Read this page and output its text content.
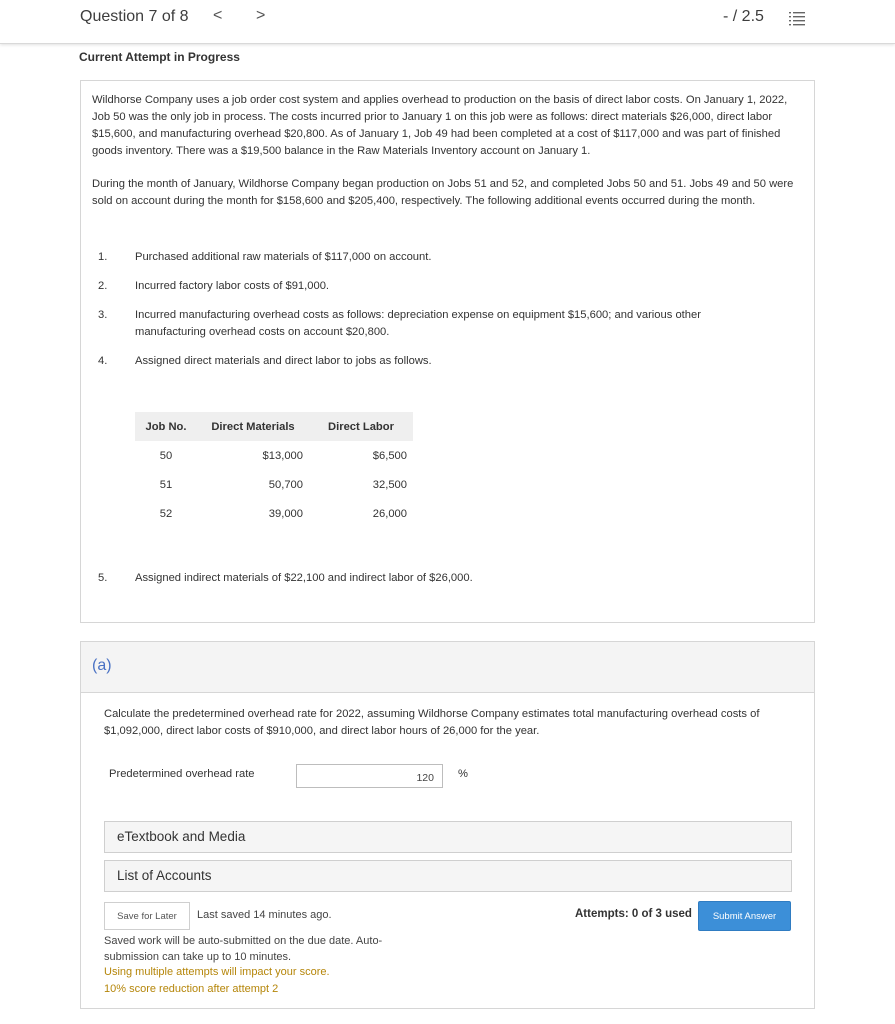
Question 7 of 8 < >	- / 2.5
Current Attempt in Progress
Wildhorse Company uses a job order cost system and applies overhead to production on the basis of direct labor costs. On January 1, 2022, Job 50 was the only job in process. The costs incurred prior to January 1 on this job were as follows: direct materials $26,000, direct labor $15,600, and manufacturing overhead $20,800. As of January 1, Job 49 had been completed at a cost of $117,000 and was part of finished goods inventory. There was a $19,500 balance in the Raw Materials Inventory account on January 1.
During the month of January, Wildhorse Company began production on Jobs 51 and 52, and completed Jobs 50 and 51. Jobs 49 and 50 were sold on account during the month for $158,600 and $205,400, respectively. The following additional events occurred during the month.
1. Purchased additional raw materials of $117,000 on account.
2. Incurred factory labor costs of $91,000.
3. Incurred manufacturing overhead costs as follows: depreciation expense on equipment $15,600; and various other manufacturing overhead costs on account $20,800.
4. Assigned direct materials and direct labor to jobs as follows.
Job No.	Direct Materials	Direct Labor
50	$13,000	$6,500
51	50,700	32,500
52	39,000	26,000
5. Assigned indirect materials of $22,100 and indirect labor of $26,000.
(a)
Calculate the predetermined overhead rate for 2022, assuming Wildhorse Company estimates total manufacturing overhead costs of $1,092,000, direct labor costs of $910,000, and direct labor hours of 26,000 for the year.
Predetermined overhead rate
120	%
eTextbook and Media
List of Accounts
Save for Later	Last saved 14 minutes ago.
Saved work will be auto-submitted on the due date. Auto-submission can take up to 10 minutes.
Using multiple attempts will impact your score.
10% score reduction after attempt 2
Attempts: 0 of 3 used	Submit Answer
